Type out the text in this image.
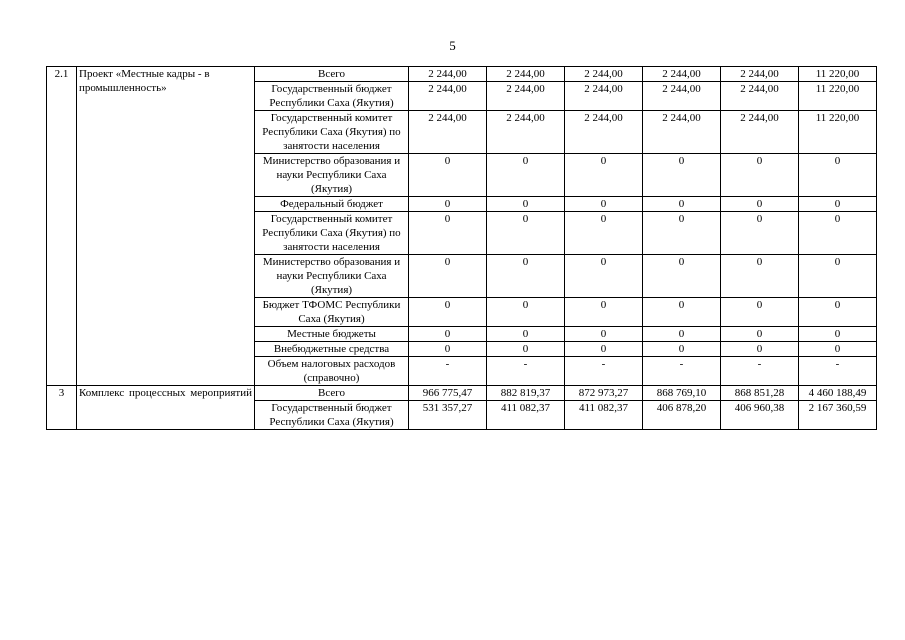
5
2.1	Проект «Местные кадры - в промышленность»	Всего	2 244,00	2 244,00	2 244,00	2 244,00	2 244,00	11 220,00
		Государственный бюджет Республики Саха (Якутия)	2 244,00	2 244,00	2 244,00	2 244,00	2 244,00	11 220,00
		Государственный комитет Республики Саха (Якутия) по занятости населения	2 244,00	2 244,00	2 244,00	2 244,00	2 244,00	11 220,00
		Министерство образования и науки Республики Саха (Якутия)	0	0	0	0	0	0
		Федеральный бюджет	0	0	0	0	0	0
		Государственный комитет Республики Саха (Якутия) по занятости населения	0	0	0	0	0	0
		Министерство образования и науки Республики Саха (Якутия)	0	0	0	0	0	0
		Бюджет ТФОМС Республики Саха (Якутия)	0	0	0	0	0	0
		Местные бюджеты	0	0	0	0	0	0
		Внебюджетные средства	0	0	0	0	0	0
		Объем налоговых расходов (справочно)	-	-	-	-	-	-
3	Комплекс процессных мероприятий	Всего	966 775,47	882 819,37	872 973,27	868 769,10	868 851,28	4 460 188,49
		Государственный бюджет Республики Саха (Якутия)	531 357,27	411 082,37	411 082,37	406 878,20	406 960,38	2 167 360,59
